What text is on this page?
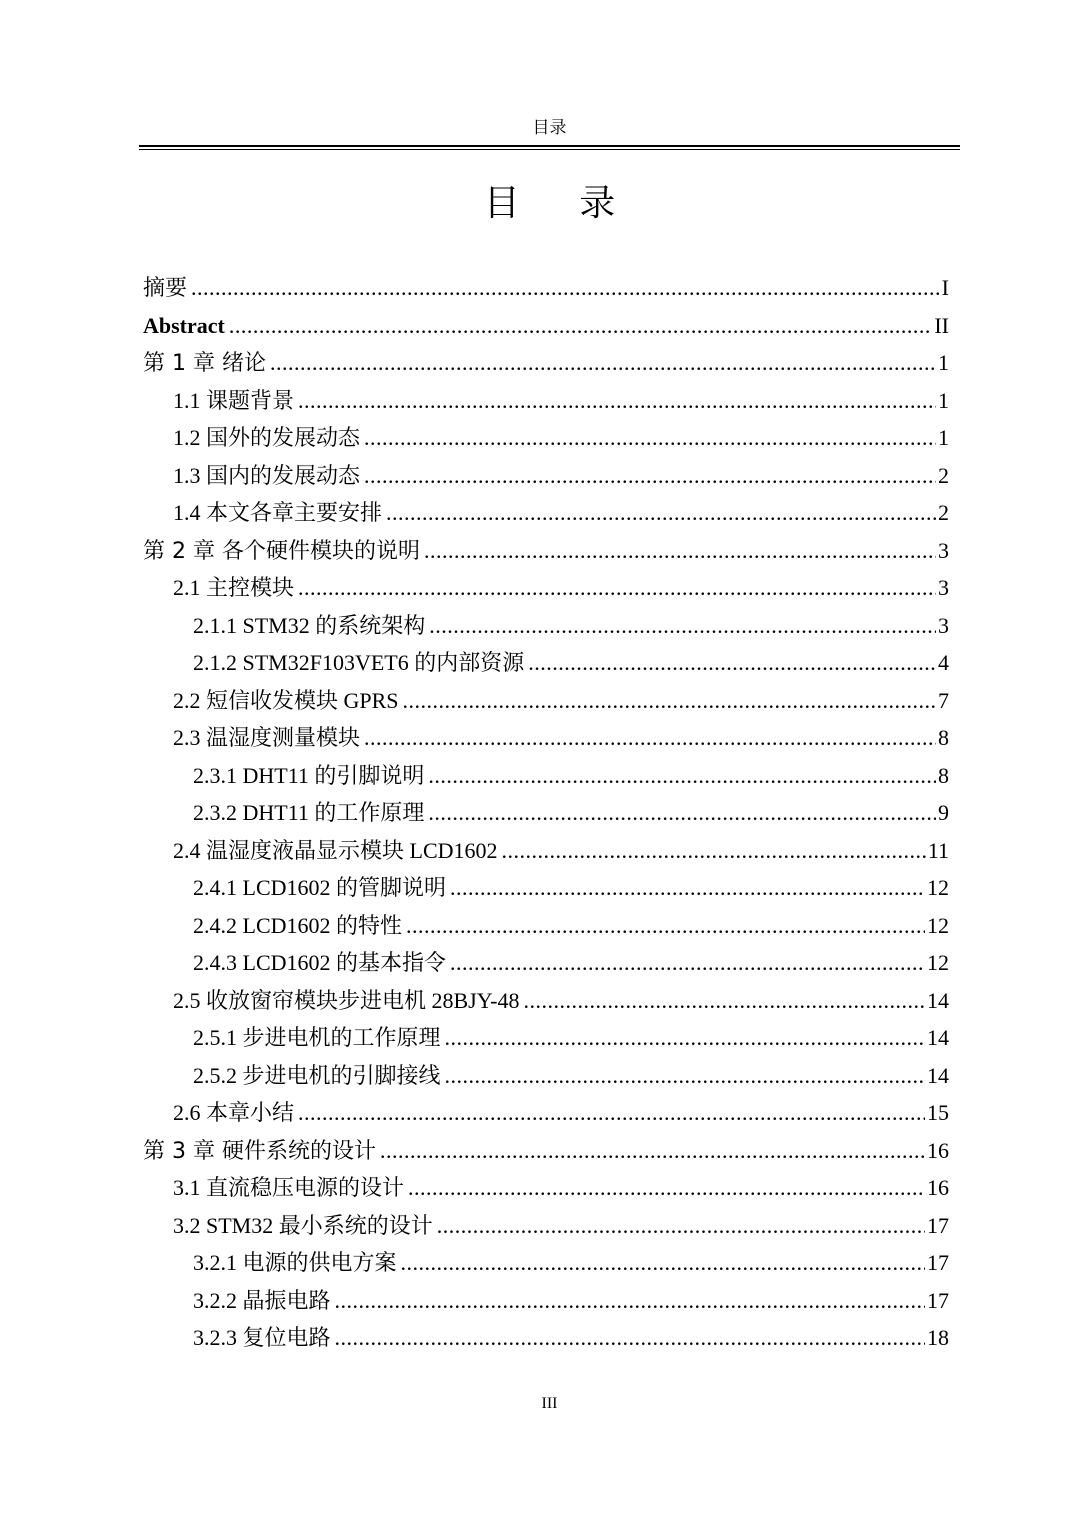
目录
目 录
摘要 .....	I
Abstract .....	II
第 1 章 绪论 .....	1
1.1 课题背景 .....	1
1.2 国外的发展动态 .....	1
1.3 国内的发展动态 .....	2
1.4 本文各章主要安排 .....	2
第 2 章 各个硬件模块的说明 .....	3
2.1 主控模块 .....	3
2.1.1 STM32 的系统架构 .....	3
2.1.2 STM32F103VET6 的内部资源 .....	4
2.2 短信收发模块 GPRS .....	7
2.3 温湿度测量模块 .....	8
2.3.1 DHT11 的引脚说明 .....	8
2.3.2 DHT11 的工作原理 .....	9
2.4 温湿度液晶显示模块 LCD1602 .....	11
2.4.1 LCD1602 的管脚说明 .....	12
2.4.2 LCD1602 的特性 .....	12
2.4.3 LCD1602 的基本指令 .....	12
2.5 收放窗帘模块步进电机 28BJY-48 .....	14
2.5.1 步进电机的工作原理 .....	14
2.5.2 步进电机的引脚接线 .....	14
2.6 本章小结 .....	15
第 3 章 硬件系统的设计 .....	16
3.1 直流稳压电源的设计 .....	16
3.2 STM32 最小系统的设计 .....	17
3.2.1 电源的供电方案 .....	17
3.2.2 晶振电路 .....	17
3.2.3 复位电路 .....	18
III
